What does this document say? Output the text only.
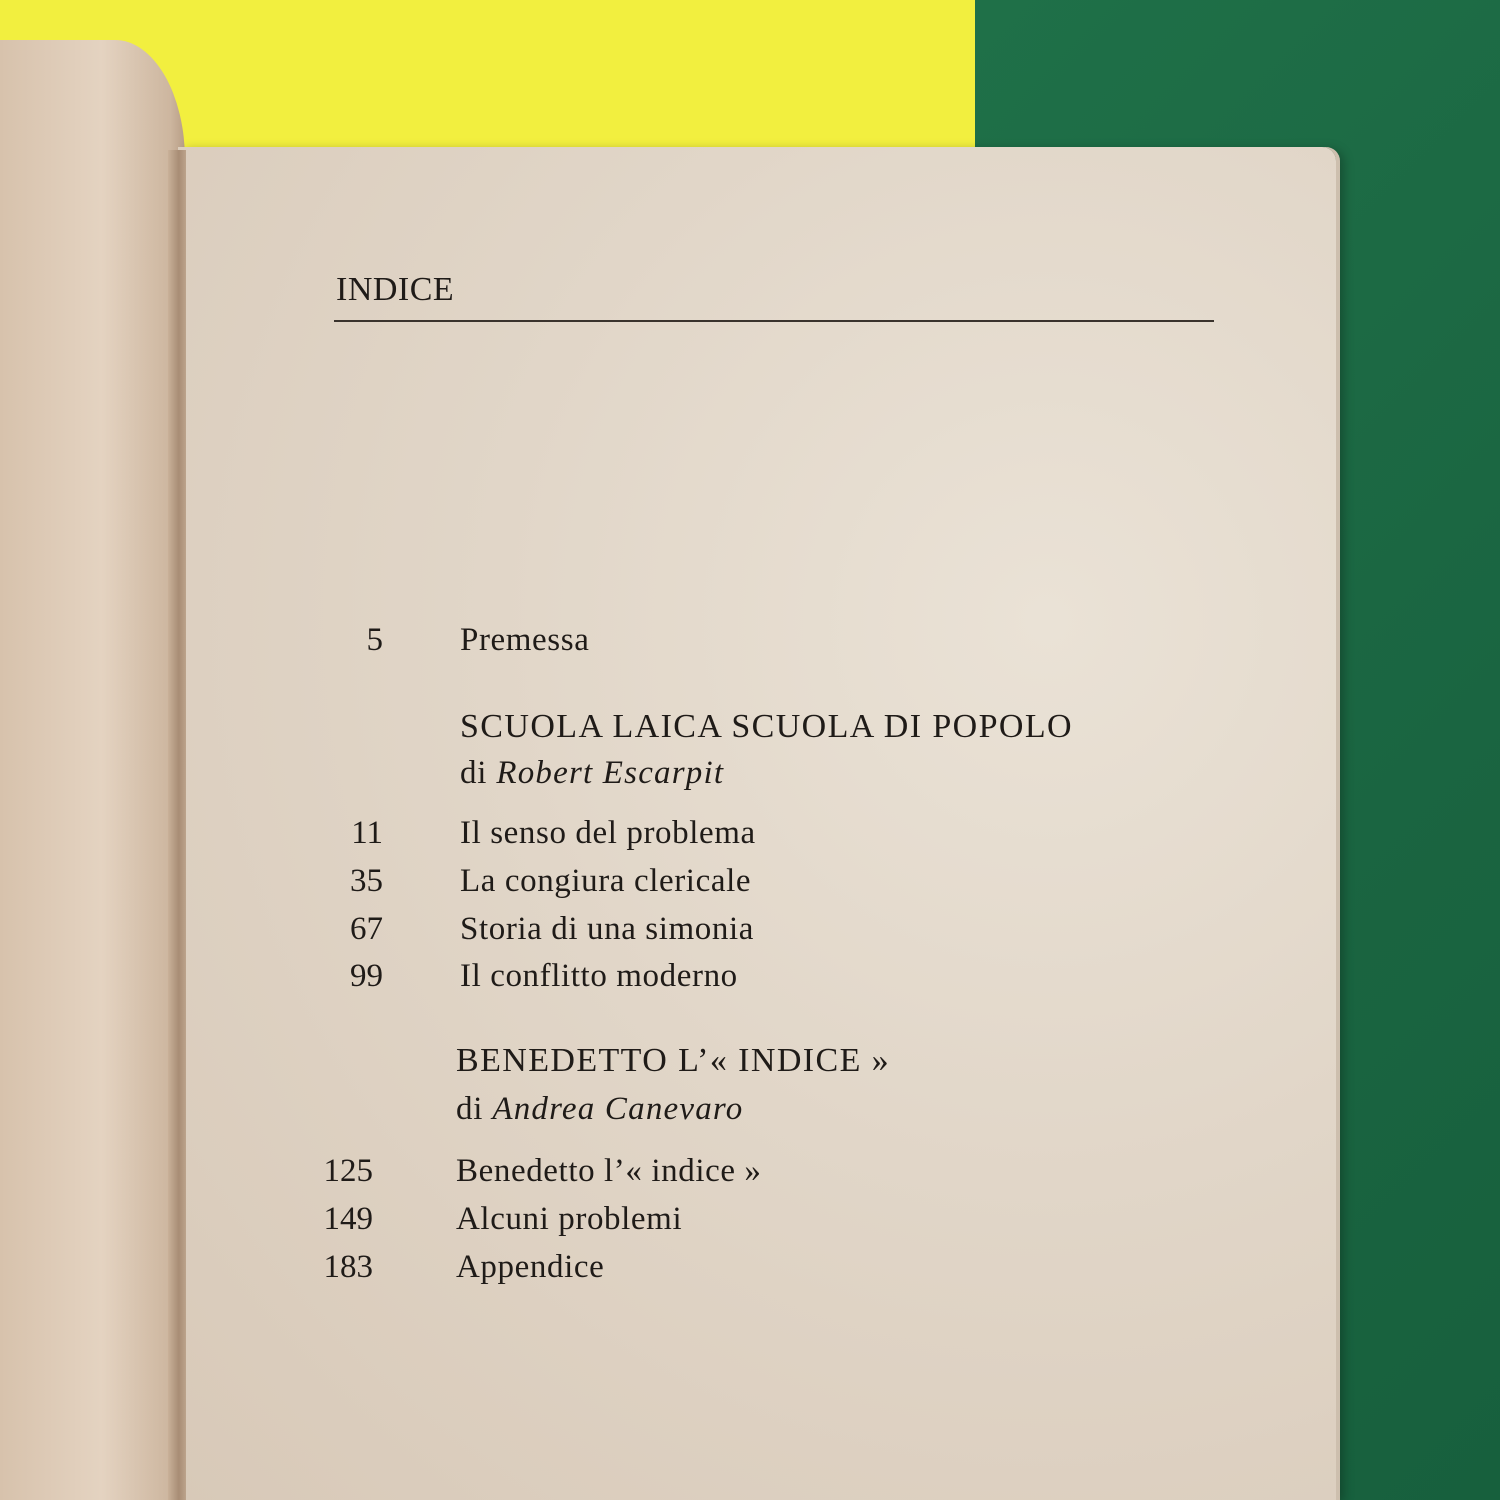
INDICE
5 Premessa
SCUOLA LAICA SCUOLA DI POPOLO
di Robert Escarpit
11 Il senso del problema
35 La congiura clericale
67 Storia di una simonia
99 Il conflitto moderno
BENEDETTO L’« INDICE »
di Andrea Canevaro
125	Benedetto l’« indice »
149	Alcuni problemi
183	Appendice
